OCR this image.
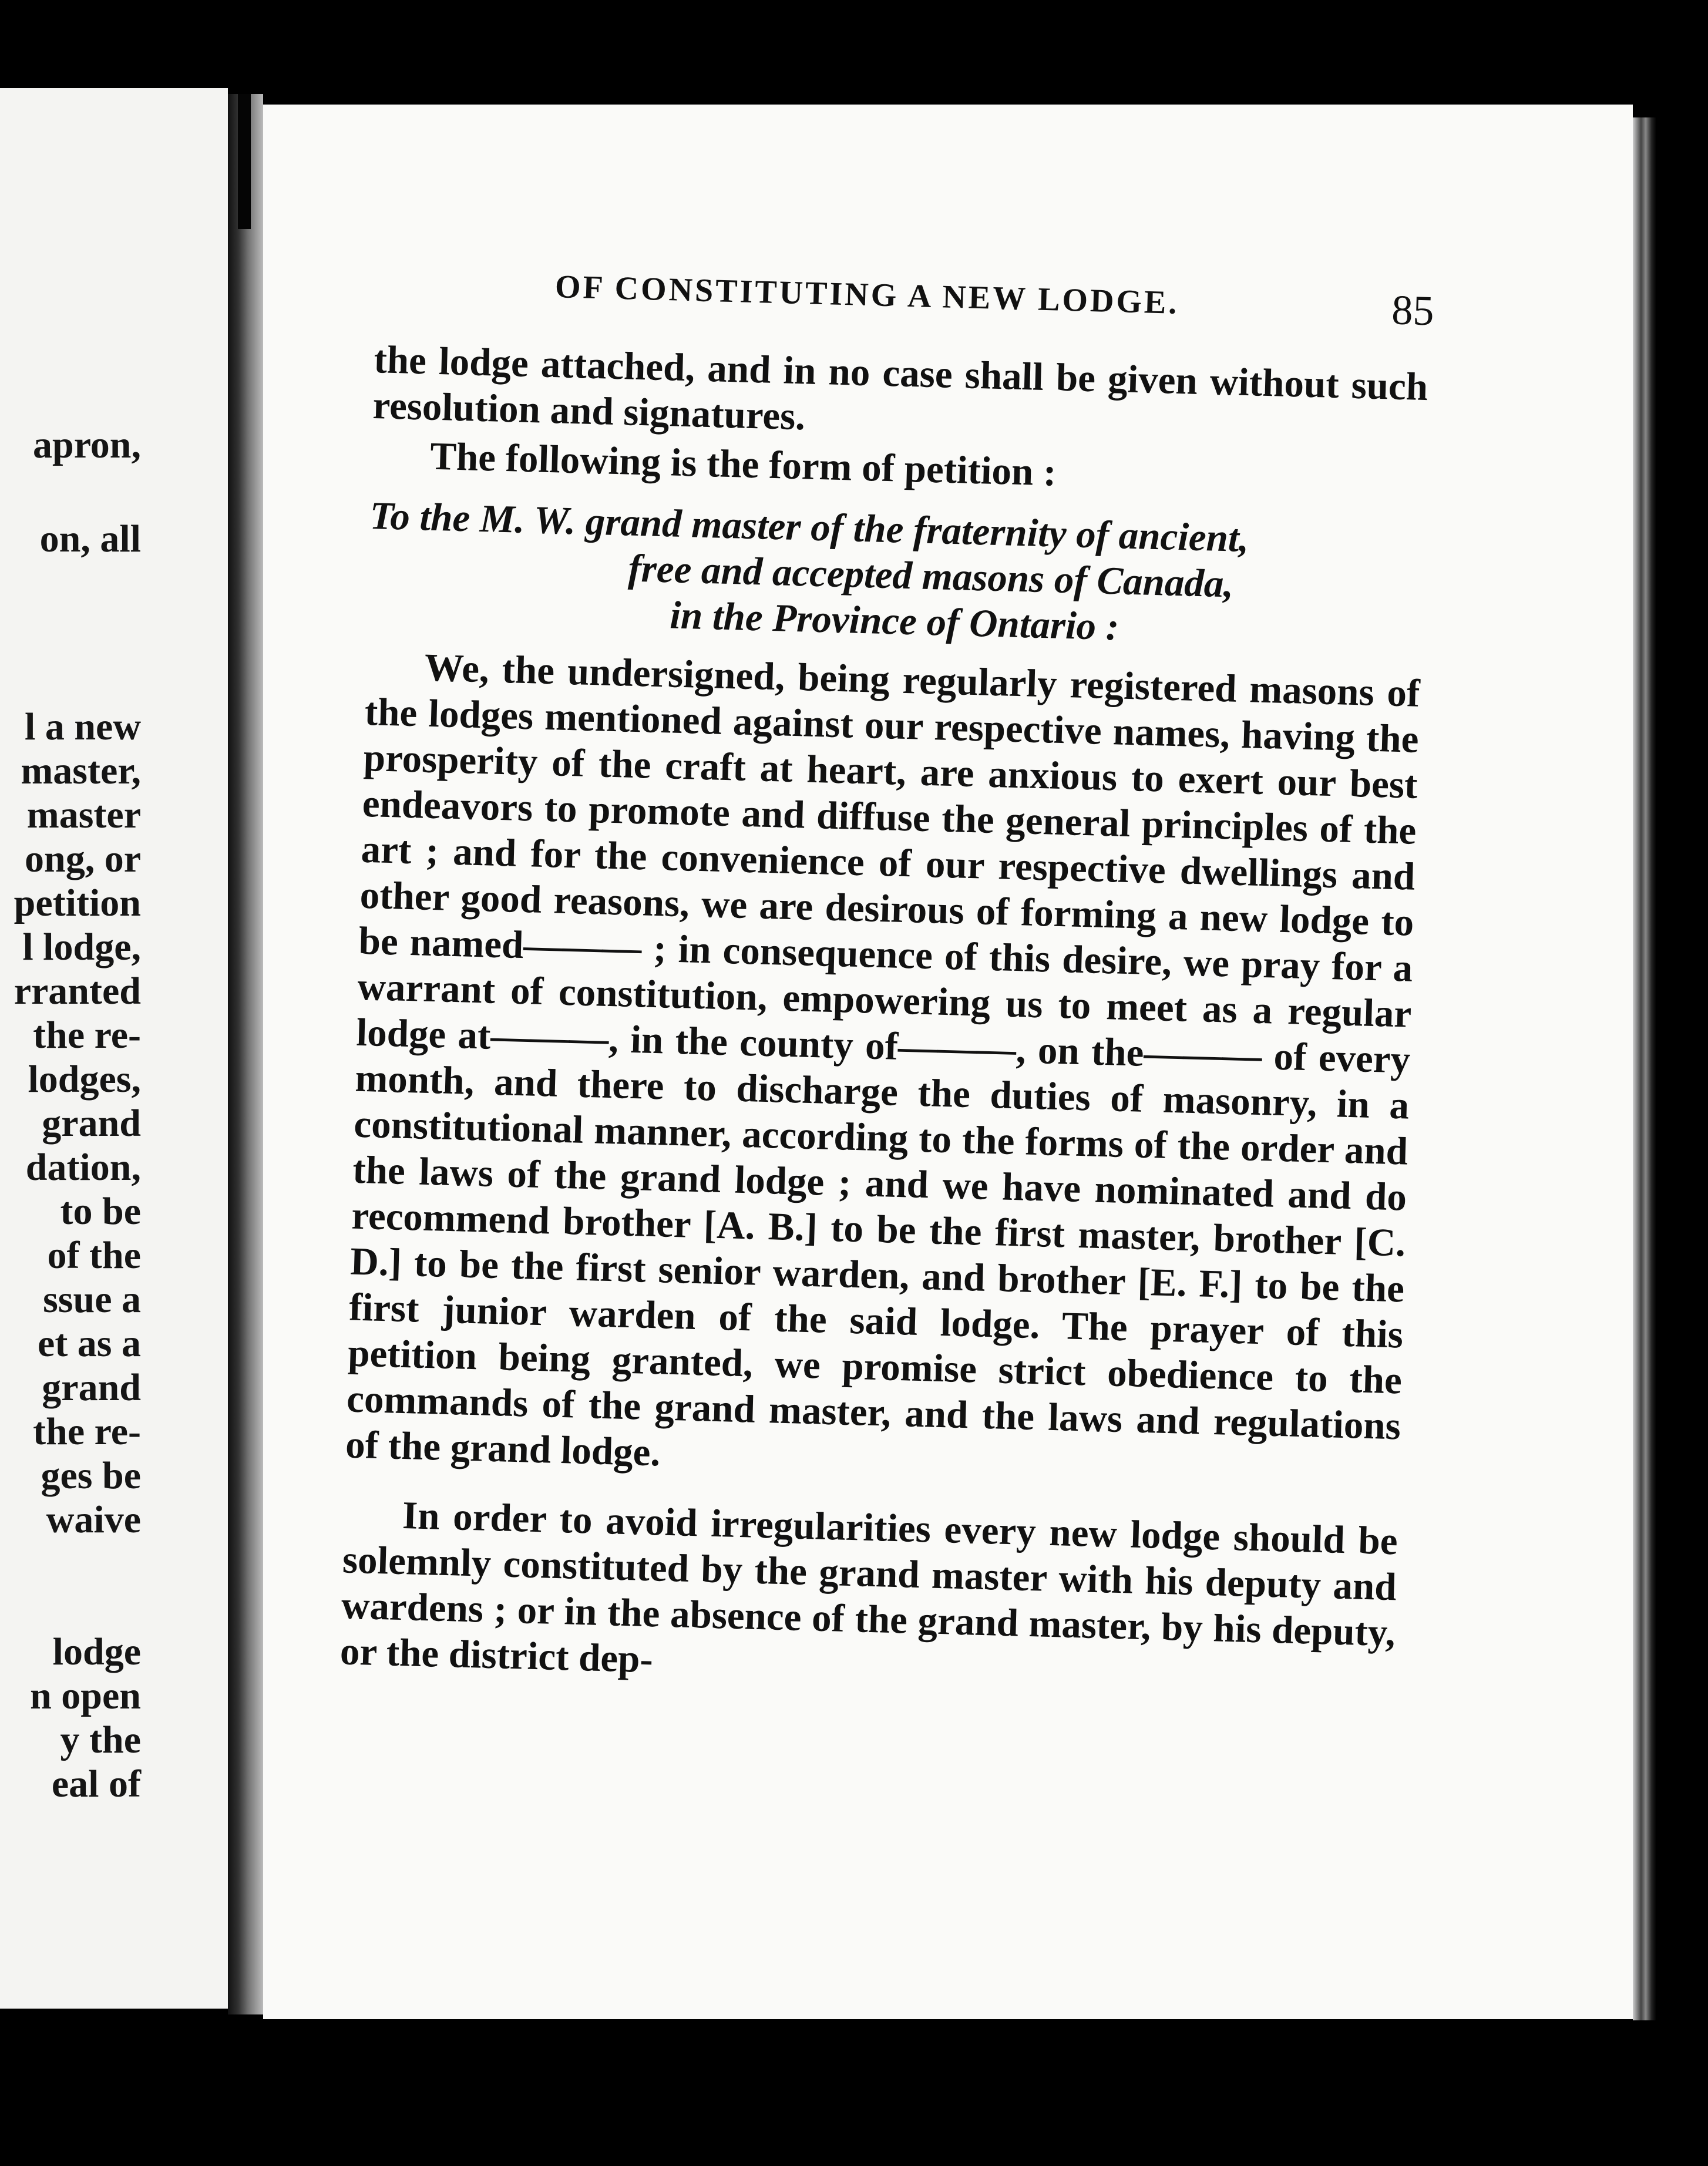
apron,
on, all
l a new
master,
master
ong, or
petition
l lodge,
rranted
the re-
lodges,
grand
dation,
to be
of the
ssue a
et as a
grand
the re-
ges be
waive
lodge
n open
y the
eal of
OF CONSTITUTING A NEW LODGE.	85

the lodge attached, and in no case shall be given without such resolution and signatures.

The following is the form of petition :

To the M. W. grand master of the fraternity of ancient,
free and accepted masons of Canada,
in the Province of Ontario :

We, the undersigned, being regularly registered masons of the lodges mentioned against our respective names, having the prosperity of the craft at heart, are anxious to exert our best endeavors to promote and diffuse the general principles of the art ; and for the convenience of our respective dwellings and other good reasons, we are desirous of forming a new lodge to be named——— ; in consequence of this desire, we pray for a warrant of constitution, empowering us to meet as a regular lodge at———, in the county of———, on the——— of every month, and there to discharge the duties of masonry, in a constitutional manner, according to the forms of the order and the laws of the grand lodge ; and we have nominated and do recommend brother [A. B.] to be the first master, brother [C. D.] to be the first senior warden, and brother [E. F.] to be the first junior warden of the said lodge. The prayer of this petition being granted, we promise strict obedience to the commands of the grand master, and the laws and regulations of the grand lodge.

In order to avoid irregularities every new lodge should be solemnly constituted by the grand master with his deputy and wardens ; or in the absence of the grand master, by his deputy, or the district dep-
